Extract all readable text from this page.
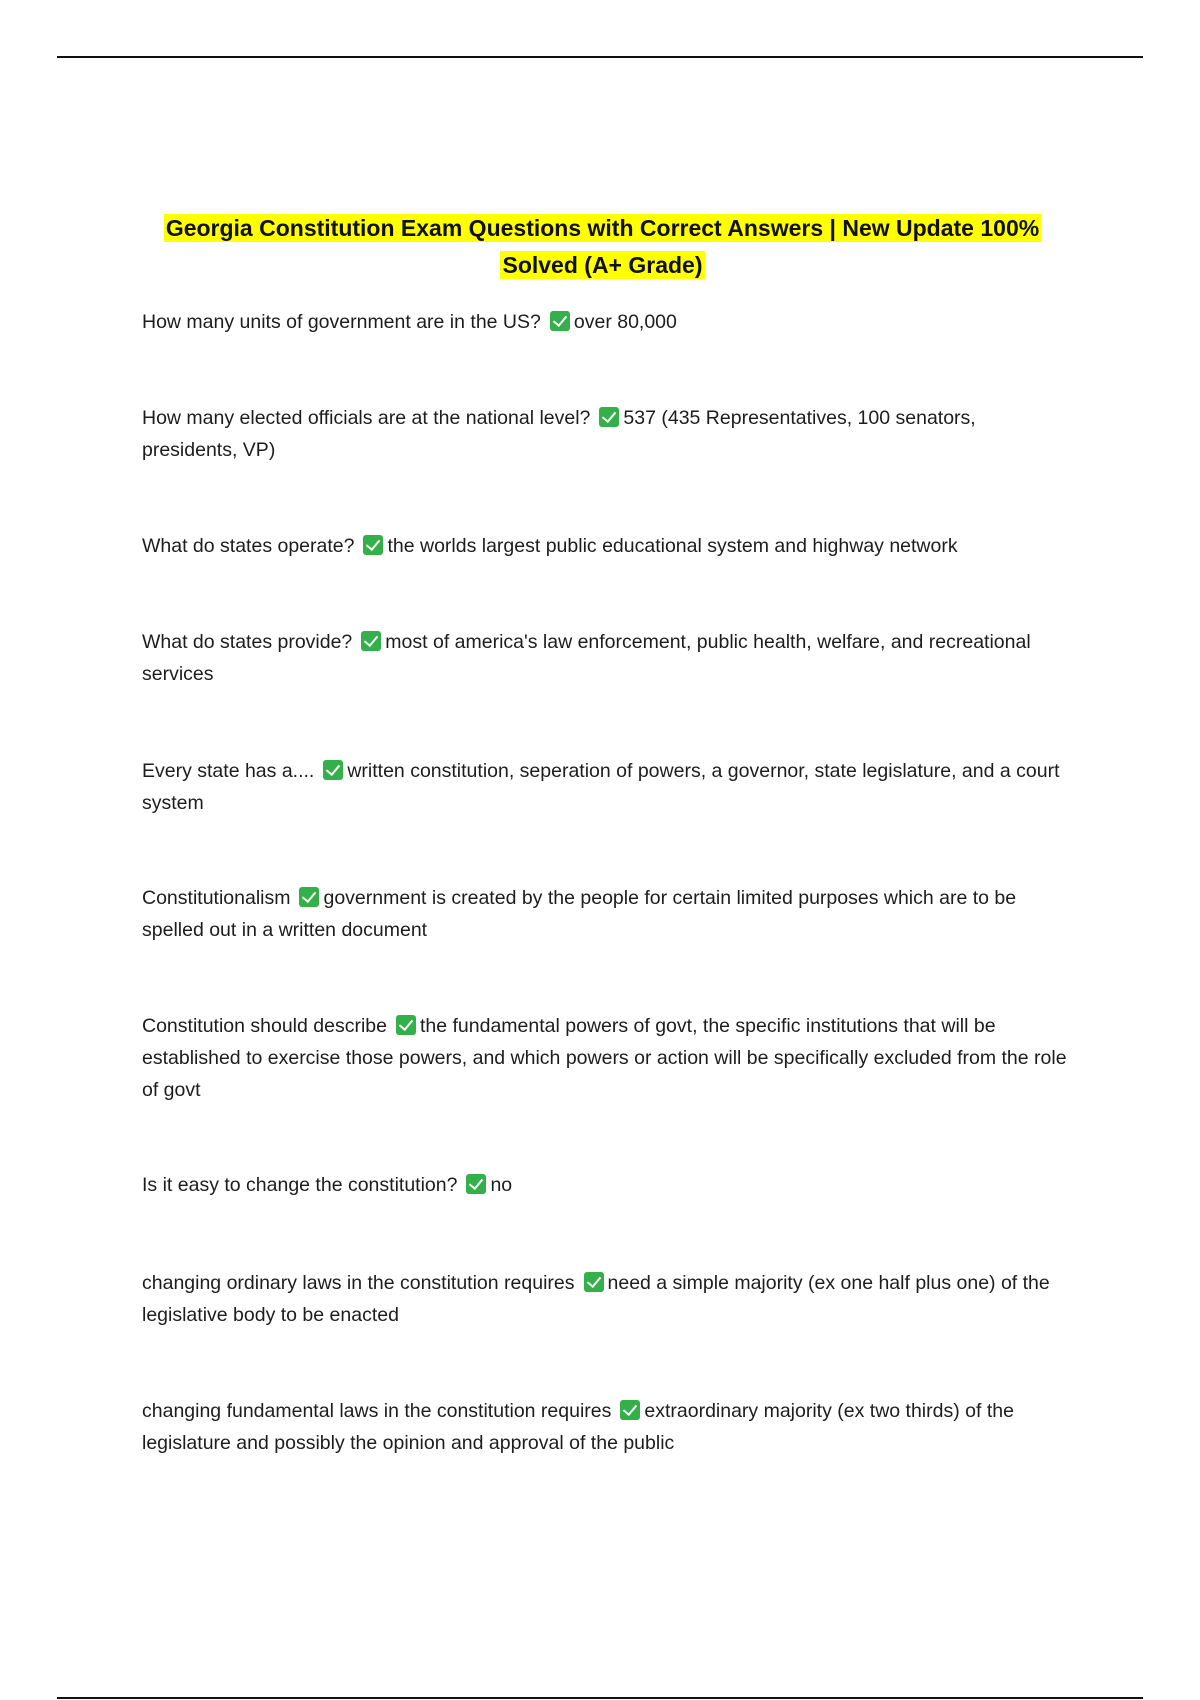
Georgia Constitution Exam Questions with Correct Answers | New Update 100%
Solved (A+ Grade)
How many units of government are in the US? over 80,000
How many elected officials are at the national level? 537 (435 Representatives, 100 senators, presidents, VP)
What do states operate? the worlds largest public educational system and highway network
What do states provide? most of america's law enforcement, public health, welfare, and recreational services
Every state has a.... written constitution, seperation of powers, a governor, state legislature, and a court system
Constitutionalism government is created by the people for certain limited purposes which are to be spelled out in a written document
Constitution should describe the fundamental powers of govt, the specific institutions that will be established to exercise those powers, and which powers or action will be specifically excluded from the role of govt
Is it easy to change the constitution? no
changing ordinary laws in the constitution requires need a simple majority (ex one half plus one) of the legislative body to be enacted
changing fundamental laws in the constitution requires extraordinary majority (ex two thirds) of the legislature and possibly the opinion and approval of the public
